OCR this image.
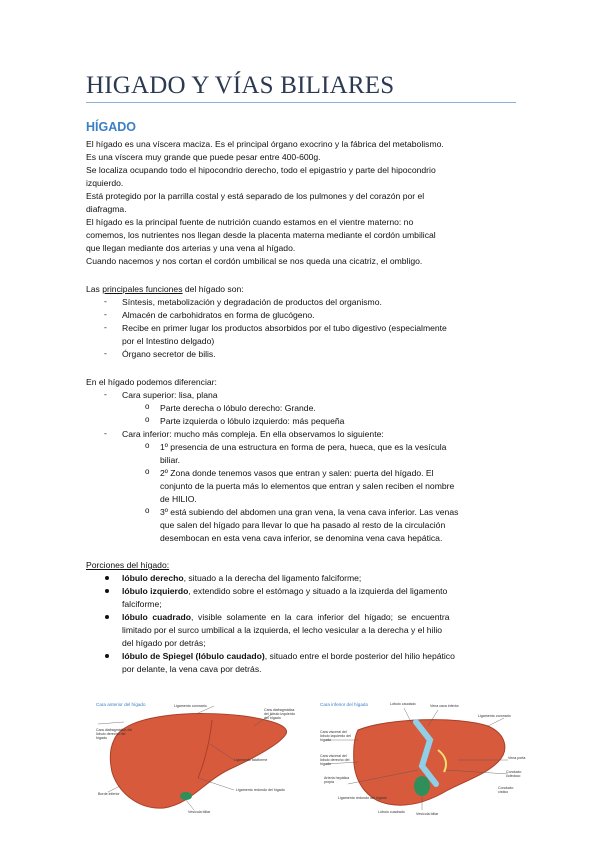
HIGADO Y VÍAS BILIARES
HÍGADO
El hígado es una víscera maciza. Es el principal órgano exocrino y la fábrica del metabolismo.
Es una víscera muy grande que puede pesar entre 400-600g.
Se localiza ocupando todo el hipocondrio derecho, todo el epigastrio y parte del hipocondrio
izquierdo.
Está protegido por la parrilla costal y está separado de los pulmones y del corazón por el
diafragma.
El hígado es la principal fuente de nutrición cuando estamos en el vientre materno: no
comemos, los nutrientes nos llegan desde la placenta materna mediante el cordón umbilical
que llegan mediante dos arterias y una vena al hígado.
Cuando nacemos y nos cortan el cordón umbilical se nos queda una cicatriz, el ombligo.
Las principales funciones del hígado son:
- Síntesis, metabolización y degradación de productos del organismo.
- Almacén de carbohidratos en forma de glucógeno.
- Recibe en primer lugar los productos absorbidos por el tubo digestivo (especialmente
por el Intestino delgado)
- Órgano secretor de bilis.
En el hígado podemos diferenciar:
- Cara superior: lisa, plana
o Parte derecha o lóbulo derecho: Grande.
o Parte izquierda o lóbulo izquierdo: más pequeña
- Cara inferior: mucho más compleja. En ella observamos lo siguiente:
o 1º presencia de una estructura en forma de pera, hueca, que es la vesícula
biliar.
o 2º Zona donde tenemos vasos que entran y salen: puerta del hígado. El
conjunto de la puerta más lo elementos que entran y salen reciben el nombre
de HILIO.
o 3º está subiendo del abdomen una gran vena, la vena cava inferior. Las venas
que salen del hígado para llevar lo que ha pasado al resto de la circulación
desembocan en esta vena cava inferior, se denomina vena cava hepática.
Porciones del hígado:
lóbulo derecho, situado a la derecha del ligamento falciforme;
lóbulo izquierdo, extendido sobre el estómago y situado a la izquierda del ligamento
falciforme;
lóbulo cuadrado, visible solamente en la cara inferior del hígado; se encuentra
limitado por el surco umbilical a la izquierda, el lecho vesicular a la derecha y el hilio
del hígado por detrás;
lóbulo de Spiegel (lóbulo caudado), situado entre el borde posterior del hilio hepático
por delante, la vena cava por detrás.
Cara anterior del hígado	Ligamento coronario
Cara diafragmática del lóbulo derecho del hígado
Cara diafragmática del lóbulo izquierdo del hígado
Ligamento falciforme
Ligamento redondo del hígado
Borde inferior
Vesícula biliar
Cara inferior del hígado	Lóbulo caudado	Vena cava inferior
Cara visceral del lóbulo izquierdo del hígado
Ligamento coronario
Cara visceral del lóbulo derecho del hígado
Vena porta
Arteria hepática propia
Conducto colédoco
Ligamento redondo del hígado
Lóbulo cuadrado	Vesícula biliar
Conducto cístico
